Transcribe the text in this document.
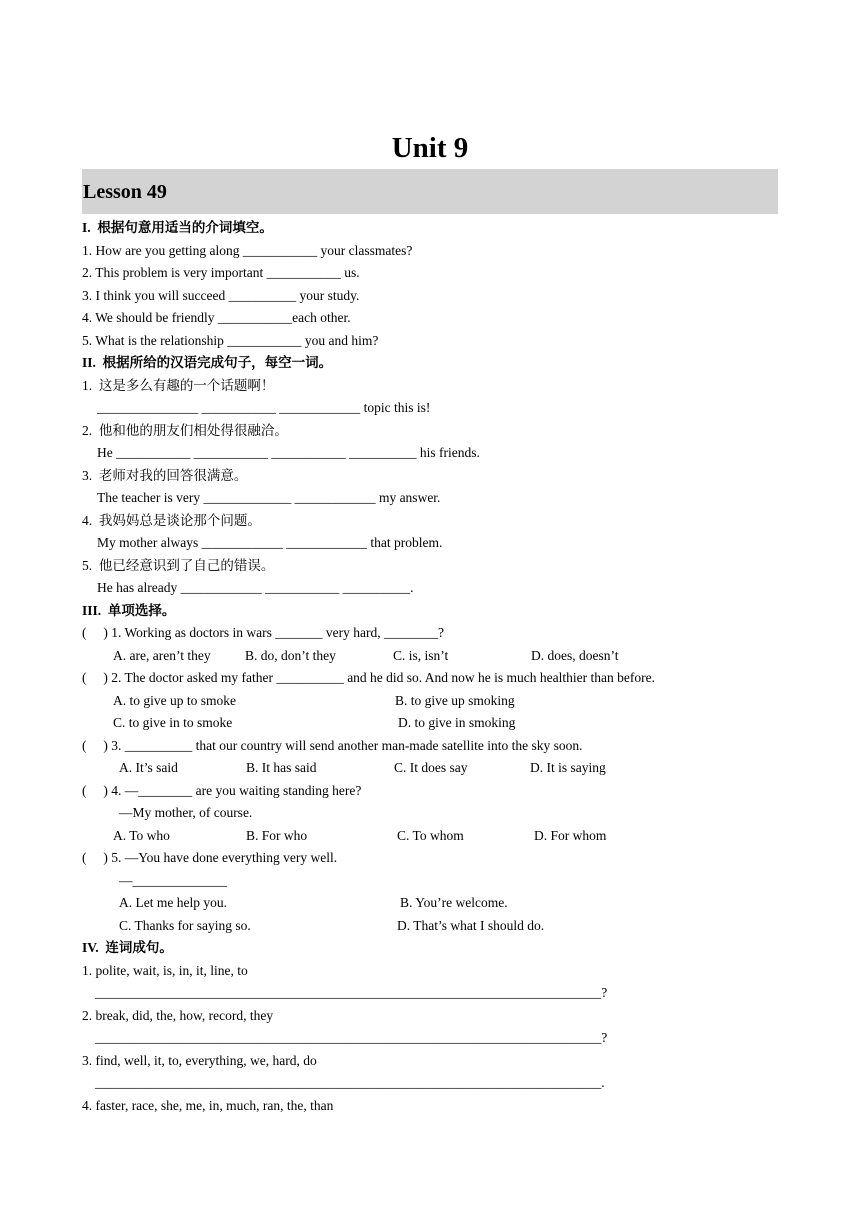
Unit 9
Lesson 49
I.  根据句意用适当的介词填空。
1. How are you getting along ___________ your classmates?
2. This problem is very important ___________ us.
3. I think you will succeed __________ your study.
4. We should be friendly ___________each other.
5. What is the relationship ___________ you and him?
II.  根据所给的汉语完成句子，每空一词。
1.  这是多么有趣的一个话题啊！
_______________ ___________ ____________ topic this is!
2.  他和他的朋友们相处得很融洽。
He ___________ ___________ ___________ __________ his friends.
3.  老师对我的回答很满意。
The teacher is very _____________ ____________ my answer.
4.  我妈妈总是谈论那个问题。
My mother always ____________ ____________ that problem.
5.  他已经意识到了自己的错误。
He has already ____________ ___________ __________.
III.  单项选择。
(     ) 1. Working as doctors in wars _______ very hard, ________?
A. are, aren’t they	B. do, don’t they	C. is, isn’t	D. does, doesn’t
(     ) 2. The doctor asked my father __________ and he did so. And now he is much healthier than before.
A. to give up to smoke	B. to give up smoking
C. to give in to smoke	D. to give in smoking
(     ) 3. __________ that our country will send another man-made satellite into the sky soon.
A. It’s said	B. It has said	C. It does say	D. It is saying
(     ) 4. —________ are you waiting standing here?
—My mother, of course.
A. To who	B. For who	C. To whom	D. For whom
(     ) 5. —You have done everything very well.
—______________
A. Let me help you.	B. You’re welcome.
C. Thanks for saying so.	D. That’s what I should do.
IV.  连词成句。
1. polite, wait, is, in, it, line, to
___________________________________________________________________________?
2. break, did, the, how, record, they
___________________________________________________________________________?
3. find, well, it, to, everything, we, hard, do
___________________________________________________________________________.
4. faster, race, she, me, in, much, ran, the, than
